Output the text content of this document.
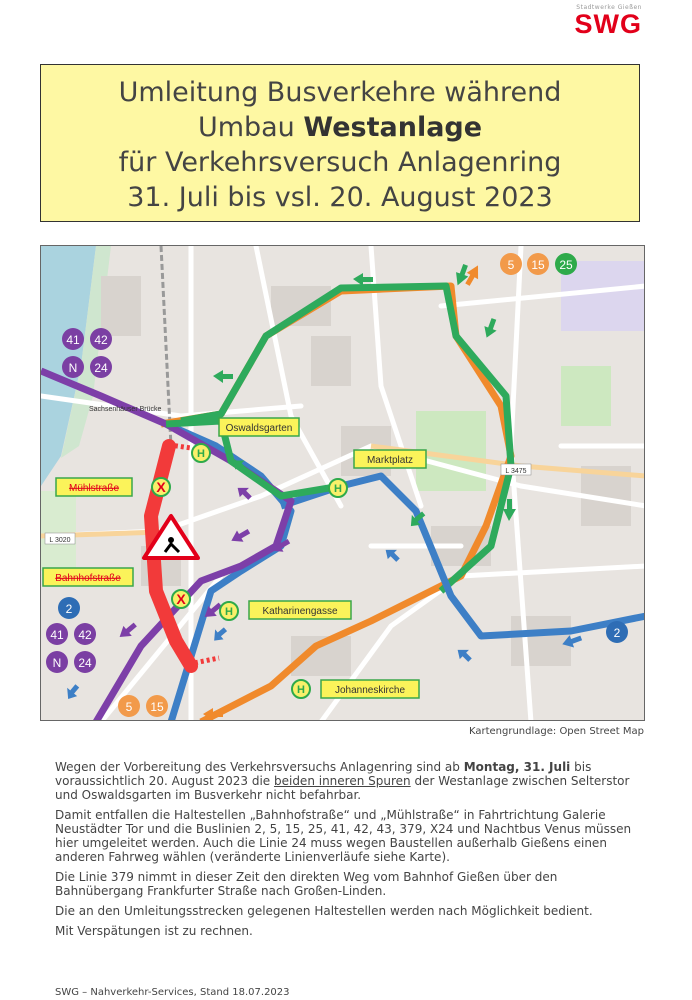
Stadtwerke Gießen
SWG
Umleitung Busverkehre während
Umbau Westanlage
für Verkehrsversuch Anlagenring
31. Juli bis vsl. 20. August 2023
H
H
H
H
X
X
Oswaldsgarten
Marktplatz
Katharinengasse
Johanneskirche
Mühlstraße
Bahnhofstraße
L 3020
L 3475
Sachsenhäuser Brücke
5 15 25
41 42
N 24
2
41 42
N 24
5 15
2
Kartengrundlage: Open Street Map

Wegen der Vorbereitung des Verkehrsversuchs Anlagenring sind ab Montag, 31. Juli bis voraussichtlich 20. August 2023 die beiden inneren Spuren der Westanlage zwischen Selterstor und Oswaldsgarten im Busverkehr nicht befahrbar.

Damit entfallen die Haltestellen „Bahnhofstraße“ und „Mühlstraße“ in Fahrtrichtung Galerie Neustädter Tor und die Buslinien 2, 5, 15, 25, 41, 42, 43, 379, X24 und Nachtbus Venus müssen hier umgeleitet werden. Auch die Linie 24 muss wegen Baustellen außerhalb Gießens einen anderen Fahrweg wählen (veränderte Linienverläufe siehe Karte).

Die Linie 379 nimmt in dieser Zeit den direkten Weg vom Bahnhof Gießen über den Bahnübergang Frankfurter Straße nach Großen-Linden.

Die an den Umleitungsstrecken gelegenen Haltestellen werden nach Möglichkeit bedient.

Mit Verspätungen ist zu rechnen.

SWG – Nahverkehr-Services, Stand 18.07.2023
